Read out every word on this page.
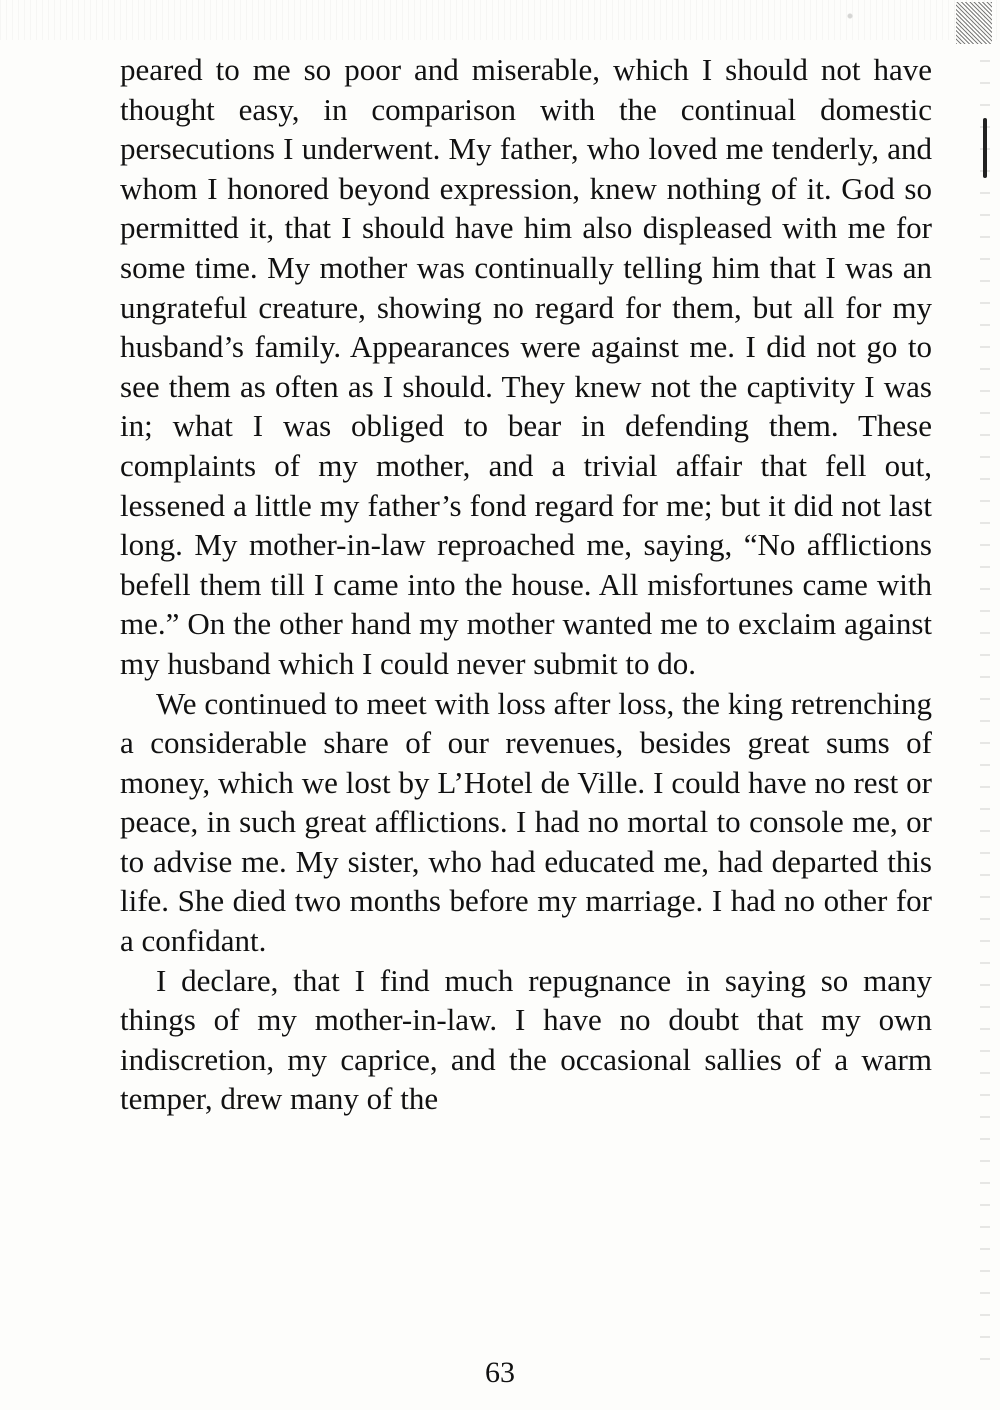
peared to me so poor and miserable, which I should not have thought easy, in comparison with the continual domestic persecutions I underwent. My father, who loved me tenderly, and whom I honored beyond expression, knew nothing of it. God so permitted it, that I should have him also displeased with me for some time. My mother was continually telling him that I was an ungrateful creature, showing no regard for them, but all for my husband’s family. Appearances were against me. I did not go to see them as often as I should. They knew not the captivity I was in; what I was obliged to bear in defending them. These complaints of my mother, and a trivial affair that fell out, lessened a little my father’s fond regard for me; but it did not last long. My mother-in-law reproached me, saying, “No afflictions befell them till I came into the house. All misfortunes came with me.” On the other hand my mother wanted me to exclaim against my husband which I could never submit to do.

We continued to meet with loss after loss, the king retrenching a considerable share of our revenues, besides great sums of money, which we lost by L’Hotel de Ville. I could have no rest or peace, in such great afflictions. I had no mortal to console me, or to advise me. My sister, who had educated me, had departed this life. She died two months before my marriage. I had no other for a confidant.

I declare, that I find much repugnance in saying so many things of my mother-in-law. I have no doubt that my own indiscretion, my caprice, and the occasional sallies of a warm temper, drew many of the

63
